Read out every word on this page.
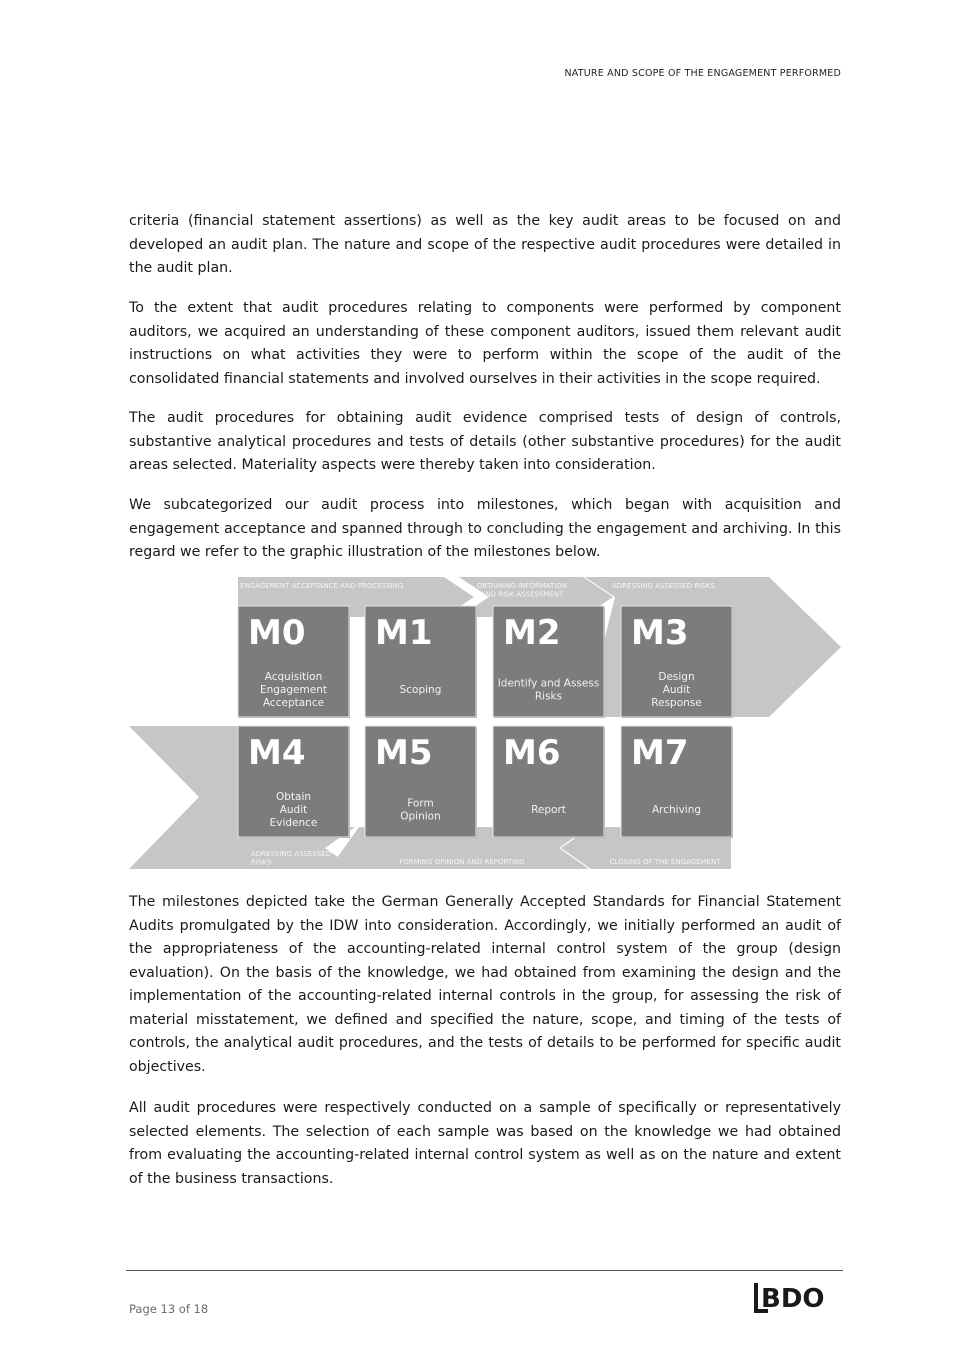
NATURE AND SCOPE OF THE ENGAGEMENT PERFORMED

criteria (financial statement assertions) as well as the key audit areas to be focused on and developed an audit plan. The nature and scope of the respective audit procedures were detailed in the audit plan.

To the extent that audit procedures relating to components were performed by component auditors, we acquired an understanding of these component auditors, issued them relevant audit instructions on what activities they were to perform within the scope of the audit of the consolidated financial statements and involved ourselves in their activities in the scope required.

The audit procedures for obtaining audit evidence comprised tests of design of controls, substantive analytical procedures and tests of details (other substantive procedures) for the audit areas selected. Materiality aspects were thereby taken into consideration.

We subcategorized our audit process into milestones, which began with acquisition and engagement acceptance and spanned through to concluding the engagement and archiving. In this regard we refer to the graphic illustration of the milestones below.

M0
Acquisition
Engagement
Acceptance
M1
Scoping
M2
Identify and Assess
Risks
M3
Design
Audit
Response
M4
Obtain
Audit
Evidence
M5
Form
Opinion
M6
Report
M7
Archiving
ENGAGEMENT ACCEPTANCE AND PROCESSING	OBTAINING INFORMATION
AND RISK ASSESSMENT
ADRESSING ASSESSED RISKS
ADRESSING ASSESSED
RISKS	FORMING OPINION AND REPORTING	CLOSING OF THE ENGAGEMENT

The milestones depicted take the German Generally Accepted Standards for Financial Statement Audits promulgated by the IDW into consideration. Accordingly, we initially performed an audit of the appropriateness of the accounting-related internal control system of the group (design evaluation). On the basis of the knowledge, we had obtained from examining the design and the implementation of the accounting-related internal controls in the group, for assessing the risk of material misstatement, we defined and specified the nature, scope, and timing of the tests of controls, the analytical audit procedures, and the tests of details to be performed for specific audit objectives.

All audit procedures were respectively conducted on a sample of specifically or representatively selected elements. The selection of each sample was based on the knowledge we had obtained from evaluating the accounting-related internal control system as well as on the nature and extent of the business transactions.

Page 13 of 18	BDO
